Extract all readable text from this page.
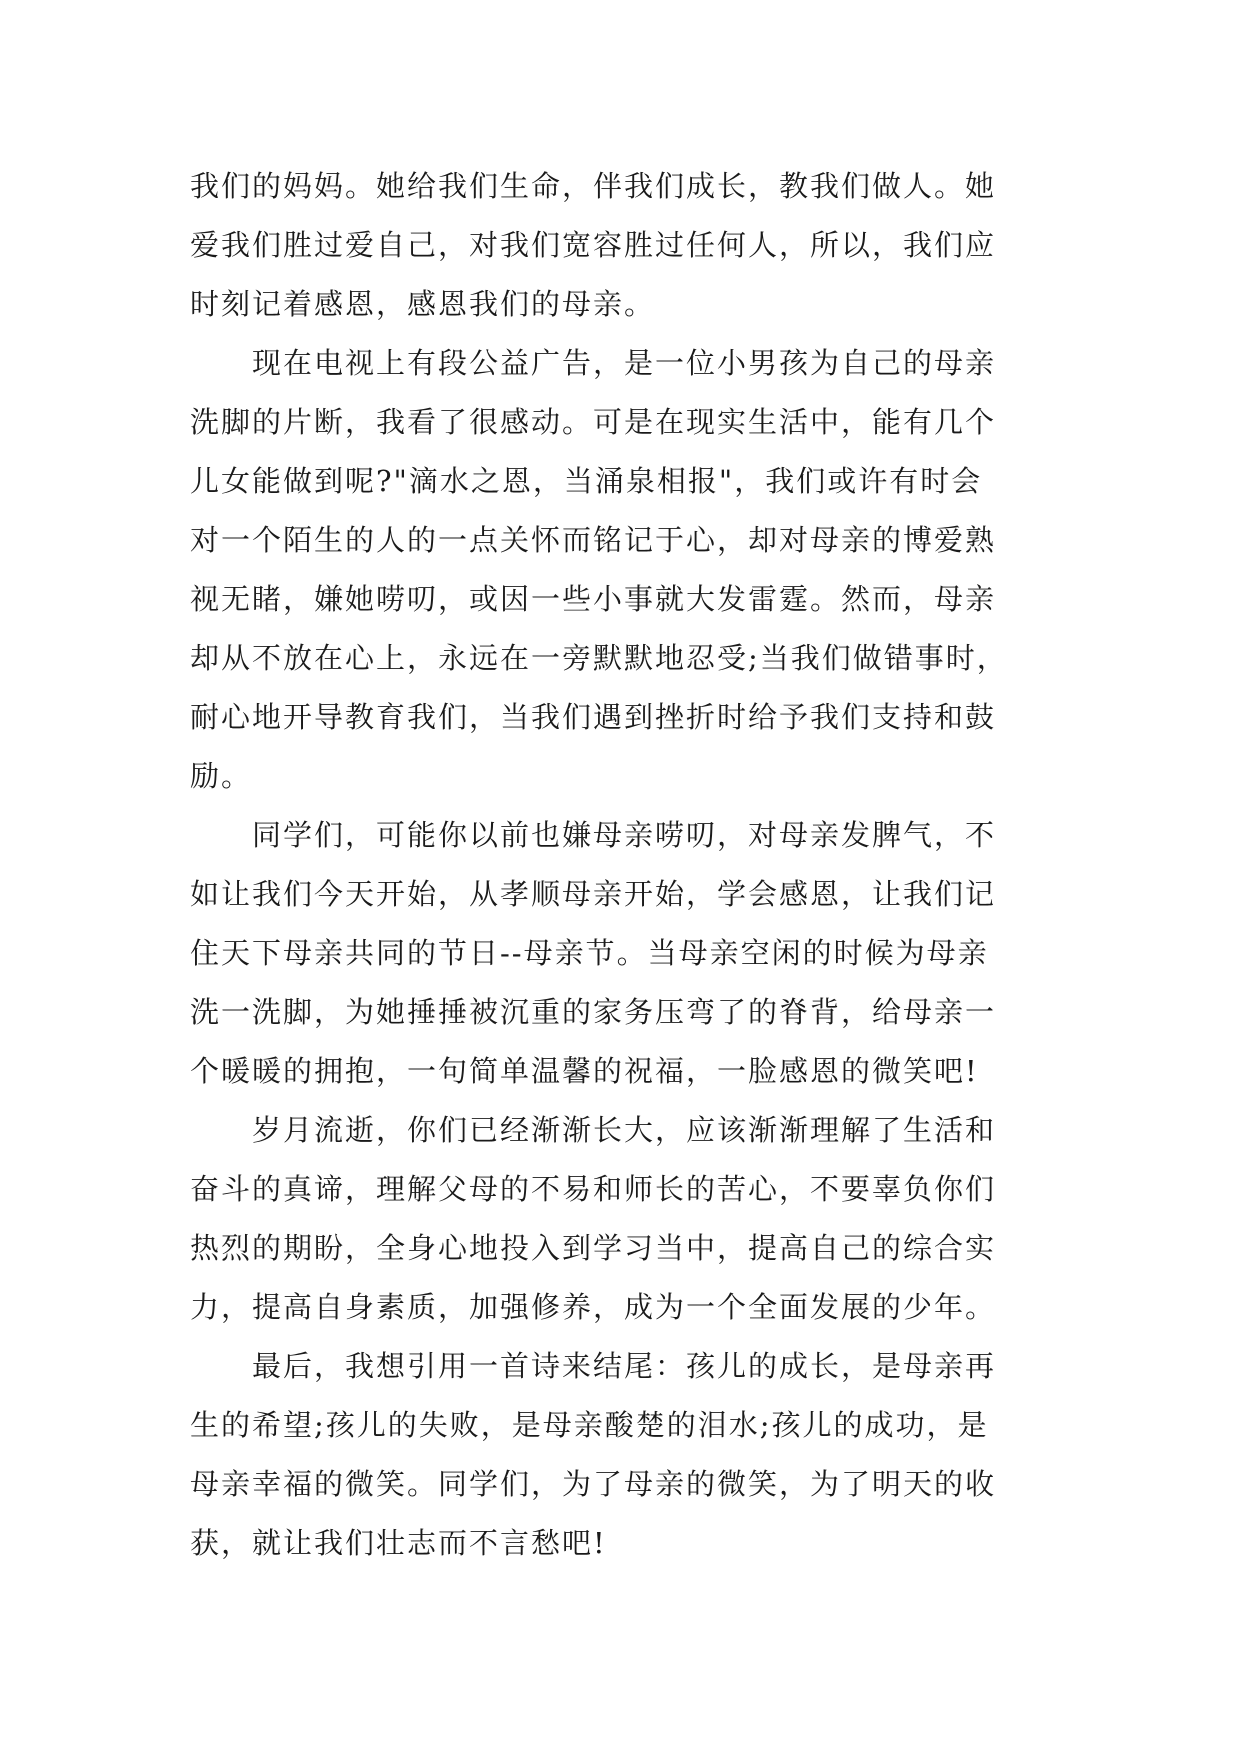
我们的妈妈。她给我们生命，伴我们成长，教我们做人。她
爱我们胜过爱自己，对我们宽容胜过任何人，所以，我们应
时刻记着感恩，感恩我们的母亲。
　　现在电视上有段公益广告，是一位小男孩为自己的母亲
洗脚的片断，我看了很感动。可是在现实生活中，能有几个
儿女能做到呢?"滴水之恩，当涌泉相报"，我们或许有时会
对一个陌生的人的一点关怀而铭记于心，却对母亲的博爱熟
视无睹，嫌她唠叨，或因一些小事就大发雷霆。然而，母亲
却从不放在心上，永远在一旁默默地忍受;当我们做错事时，
耐心地开导教育我们，当我们遇到挫折时给予我们支持和鼓
励。
　　同学们，可能你以前也嫌母亲唠叨，对母亲发脾气，不
如让我们今天开始，从孝顺母亲开始，学会感恩，让我们记
住天下母亲共同的节日--母亲节。当母亲空闲的时候为母亲
洗一洗脚，为她捶捶被沉重的家务压弯了的脊背，给母亲一
个暖暖的拥抱，一句简单温馨的祝福，一脸感恩的微笑吧!
　　岁月流逝，你们已经渐渐长大，应该渐渐理解了生活和
奋斗的真谛，理解父母的不易和师长的苦心，不要辜负你们
热烈的期盼，全身心地投入到学习当中，提高自己的综合实
力，提高自身素质，加强修养，成为一个全面发展的少年。
　　最后，我想引用一首诗来结尾：孩儿的成长，是母亲再
生的希望;孩儿的失败，是母亲酸楚的泪水;孩儿的成功，是
母亲幸福的微笑。同学们，为了母亲的微笑，为了明天的收
获，就让我们壮志而不言愁吧!
